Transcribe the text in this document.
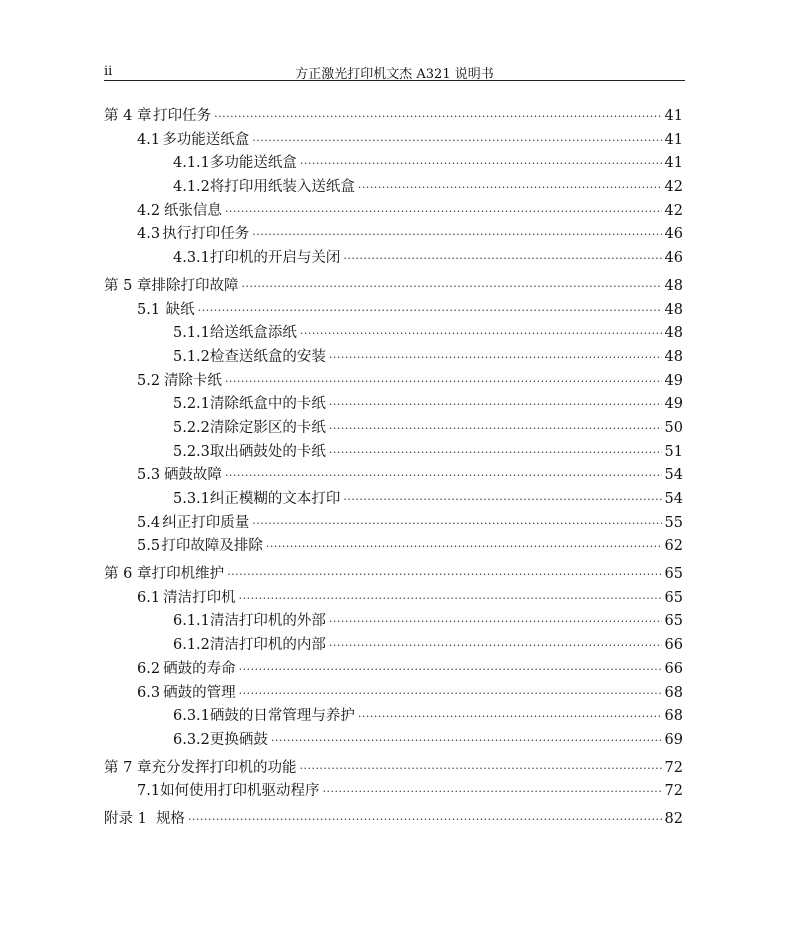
ii	方正激光打印机文杰 A321 说明书
第 4 章 打印任务 ·····	41
4.1 多功能送纸盒 ·····	41
4.1.1 多功能送纸盒 ·····	41
4.1.2 将打印用纸装入送纸盒 ·····	42
4.2 纸张信息 ·····	42
4.3 执行打印任务 ·····	46
4.3.1 打印机的开启与关闭 ·····	46
第 5 章 排除打印故障 ·····	48
5.1 缺纸 ·····	48
5.1.1 给送纸盒添纸 ·····	48
5.1.2 检查送纸盒的安装 ·····	48
5.2 清除卡纸 ·····	49
5.2.1 清除纸盒中的卡纸 ·····	49
5.2.2 清除定影区的卡纸 ·····	50
5.2.3 取出硒鼓处的卡纸 ·····	51
5.3 硒鼓故障 ·····	54
5.3.1 纠正模糊的文本打印 ·····	54
5.4 纠正打印质量 ·····	55
5.5 打印故障及排除 ·····	62
第 6 章 打印机维护 ·····	65
6.1 清洁打印机 ·····	65
6.1.1 清洁打印机的外部 ·····	65
6.1.2 清洁打印机的内部 ·····	66
6.2 硒鼓的寿命 ·····	66
6.3 硒鼓的管理 ·····	68
6.3.1 硒鼓的日常管理与养护 ·····	68
6.3.2 更换硒鼓 ·····	69
第 7 章 充分发挥打印机的功能 ·····	72
7.1 如何使用打印机驱动程序 ·····	72
附录 1 规格 ·····	82
